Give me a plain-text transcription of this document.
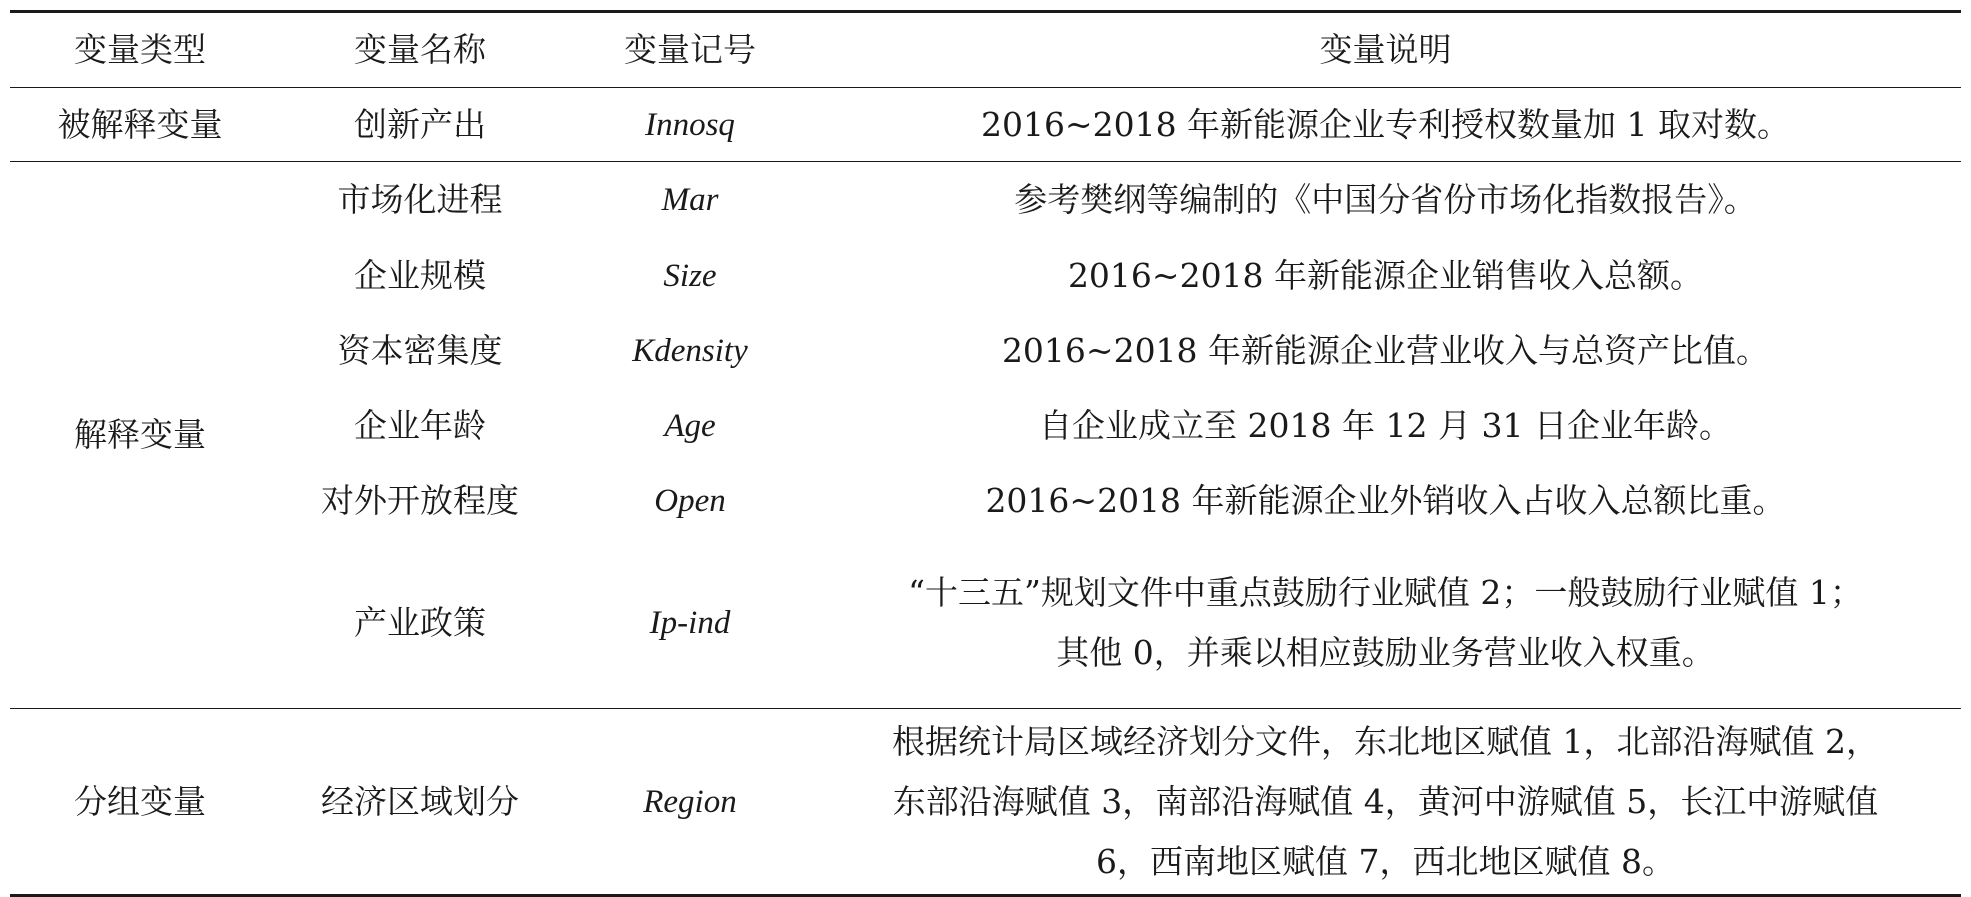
变量类型	变量名称	变量记号	变量说明
被解释变量	创新产出	Innosq	2016~2018 年新能源企业专利授权数量加 1 取对数。

解释变量	市场化进程	Mar	参考樊纲等编制的《中国分省份市场化指数报告》。

	企业规模	Size	2016~2018 年新能源企业销售收入总额。

	资本密集度	Kdensity	2016~2018 年新能源企业营业收入与总资产比值。

	企业年龄	Age	自企业成立至 2018 年 12 月 31 日企业年龄。

	对外开放程度	Open	2016~2018 年新能源企业外销收入占收入总额比重。

	产业政策	Ip-ind	“十三五”规划文件中重点鼓励行业赋值 2；一般鼓励行业赋值 1；
其他 0，并乘以相应鼓励业务营业收入权重。

分组变量	经济区域划分	Region	根据统计局区域经济划分文件，东北地区赋值 1，北部沿海赋值 2，
东部沿海赋值 3，南部沿海赋值 4，黄河中游赋值 5，长江中游赋值
6，西南地区赋值 7，西北地区赋值 8。
